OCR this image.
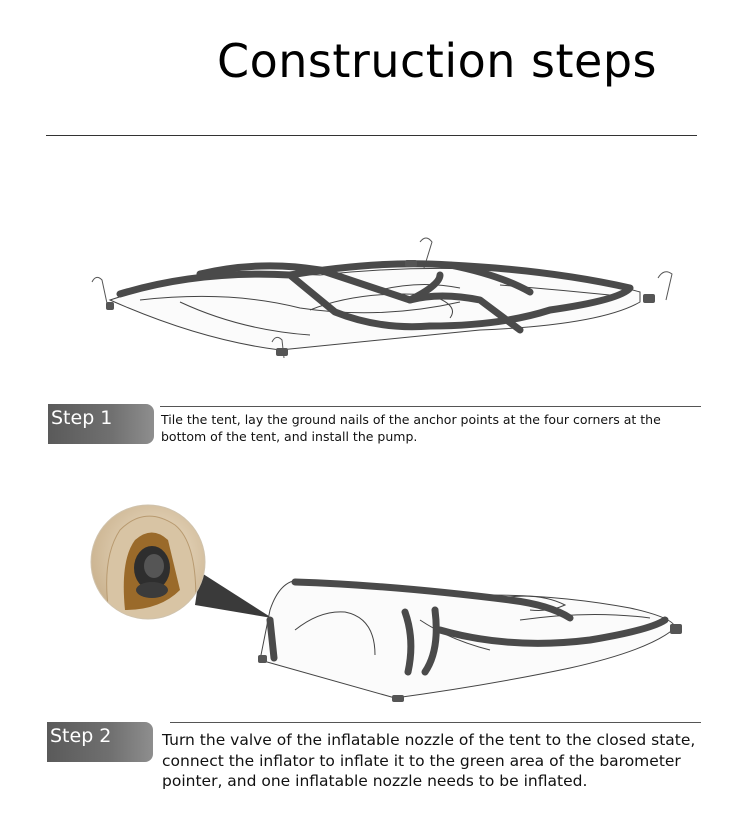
Construction steps
Step 1	Tile the tent, lay the ground nails of the anchor points at the four corners at the bottom of the tent, and install the pump.
Step 2	Turn the valve of the inflatable nozzle of the tent to the closed state, connect the inflator to inflate it to the green area of the barometer pointer, and one inflatable nozzle needs to be inflated.
